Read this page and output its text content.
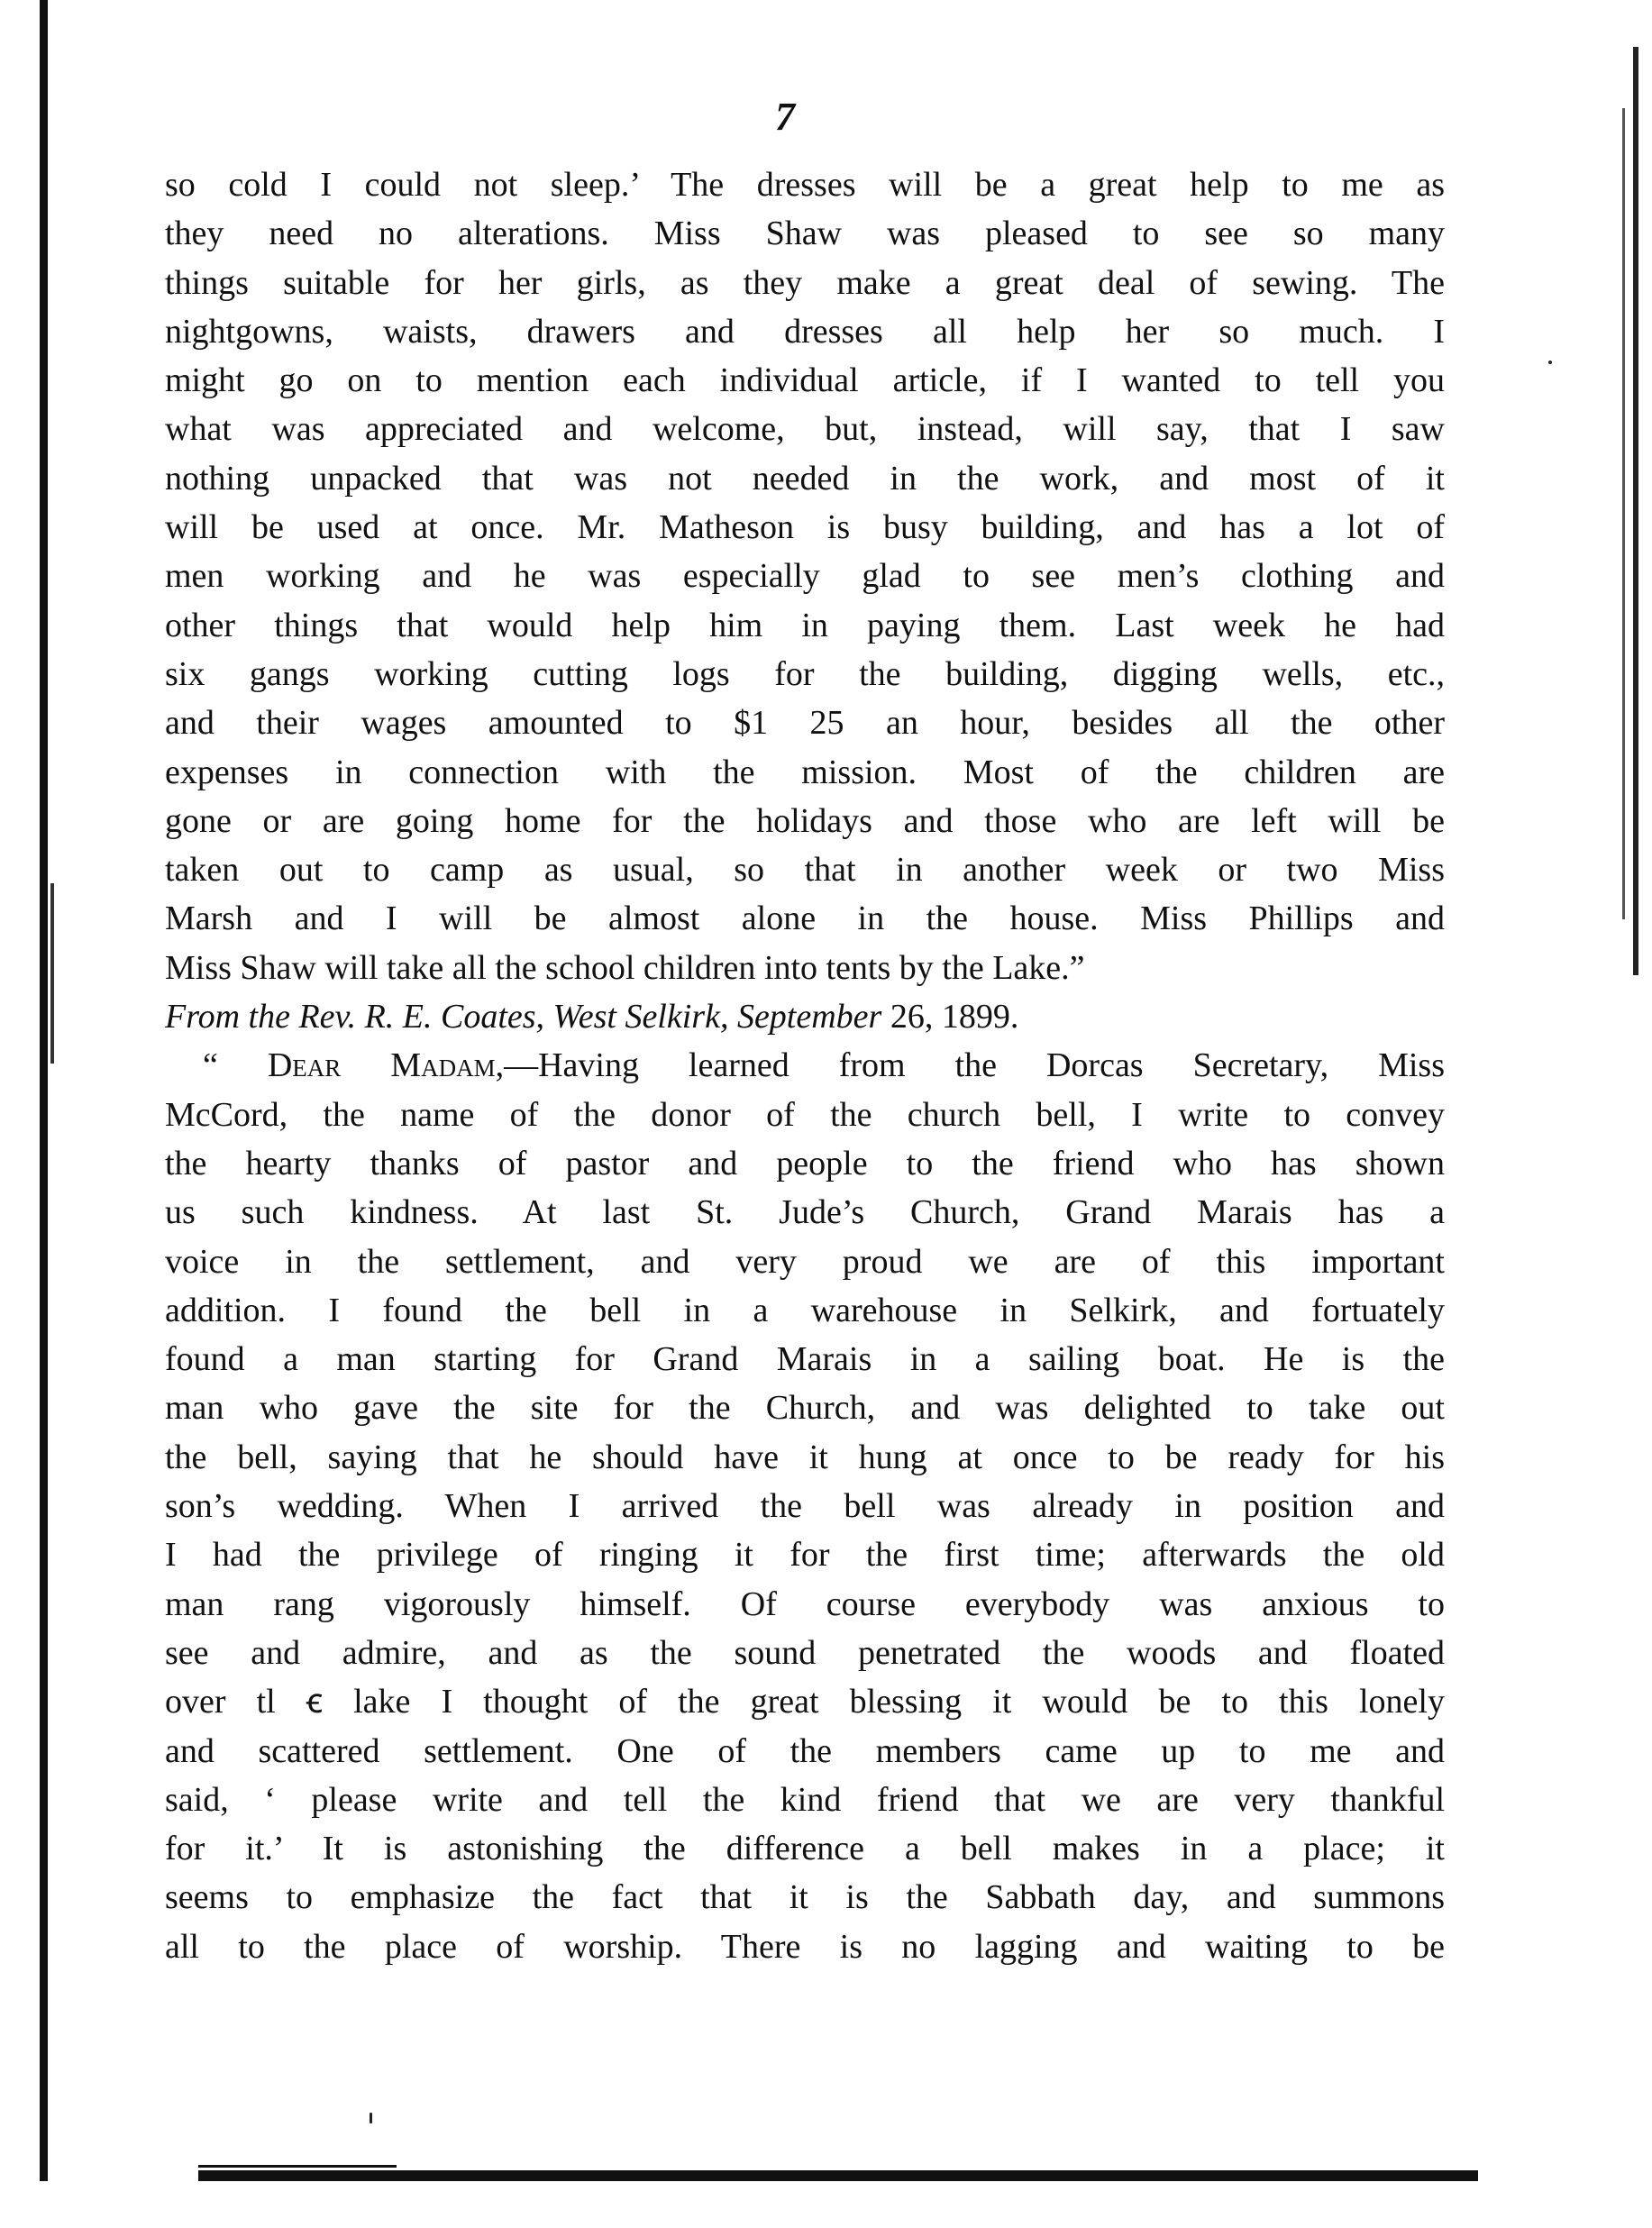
7
so cold I could not sleep.’ The dresses will be a great help to me as
they need no alterations. Miss Shaw was pleased to see so many
things suitable for her girls, as they make a great deal of sewing. The
nightgowns, waists, drawers and dresses all help her so much. I
might go on to mention each individual article, if I wanted to tell you
what was appreciated and welcome, but, instead, will say, that I saw
nothing unpacked that was not needed in the work, and most of it
will be used at once. Mr. Matheson is busy building, and has a lot of
men working and he was especially glad to see men’s clothing and
other things that would help him in paying them. Last week he had
six gangs working cutting logs for the building, digging wells, etc.,
and their wages amounted to $1 25 an hour, besides all the other
expenses in connection with the mission. Most of the children are
gone or are going home for the holidays and those who are left will be
taken out to camp as usual, so that in another week or two Miss
Marsh and I will be almost alone in the house. Miss Phillips and
Miss Shaw will take all the school children into tents by the Lake.”
From the Rev. R. E. Coates, West Selkirk, September 26, 1899.
“ Dear Madam,—Having learned from the Dorcas Secretary, Miss
McCord, the name of the donor of the church bell, I write to convey
the hearty thanks of pastor and people to the friend who has shown
us such kindness. At last St. Jude’s Church, Grand Marais has a
voice in the settlement, and very proud we are of this important
addition. I found the bell in a warehouse in Selkirk, and fortuately
found a man starting for Grand Marais in a sailing boat. He is the
man who gave the site for the Church, and was delighted to take out
the bell, saying that he should have it hung at once to be ready for his
son’s wedding. When I arrived the bell was already in position and
I had the privilege of ringing it for the first time; afterwards the old
man rang vigorously himself. Of course everybody was anxious to
see and admire, and as the sound penetrated the woods and floated
over tl ꞓ lake I thought of the great blessing it would be to this lonely
and scattered settlement. One of the members came up to me and
said, ‘ please write and tell the kind friend that we are very thankful
for it.’ It is astonishing the difference a bell makes in a place; it
seems to emphasize the fact that it is the Sabbath day, and summons
all to the place of worship. There is no lagging and waiting to be
